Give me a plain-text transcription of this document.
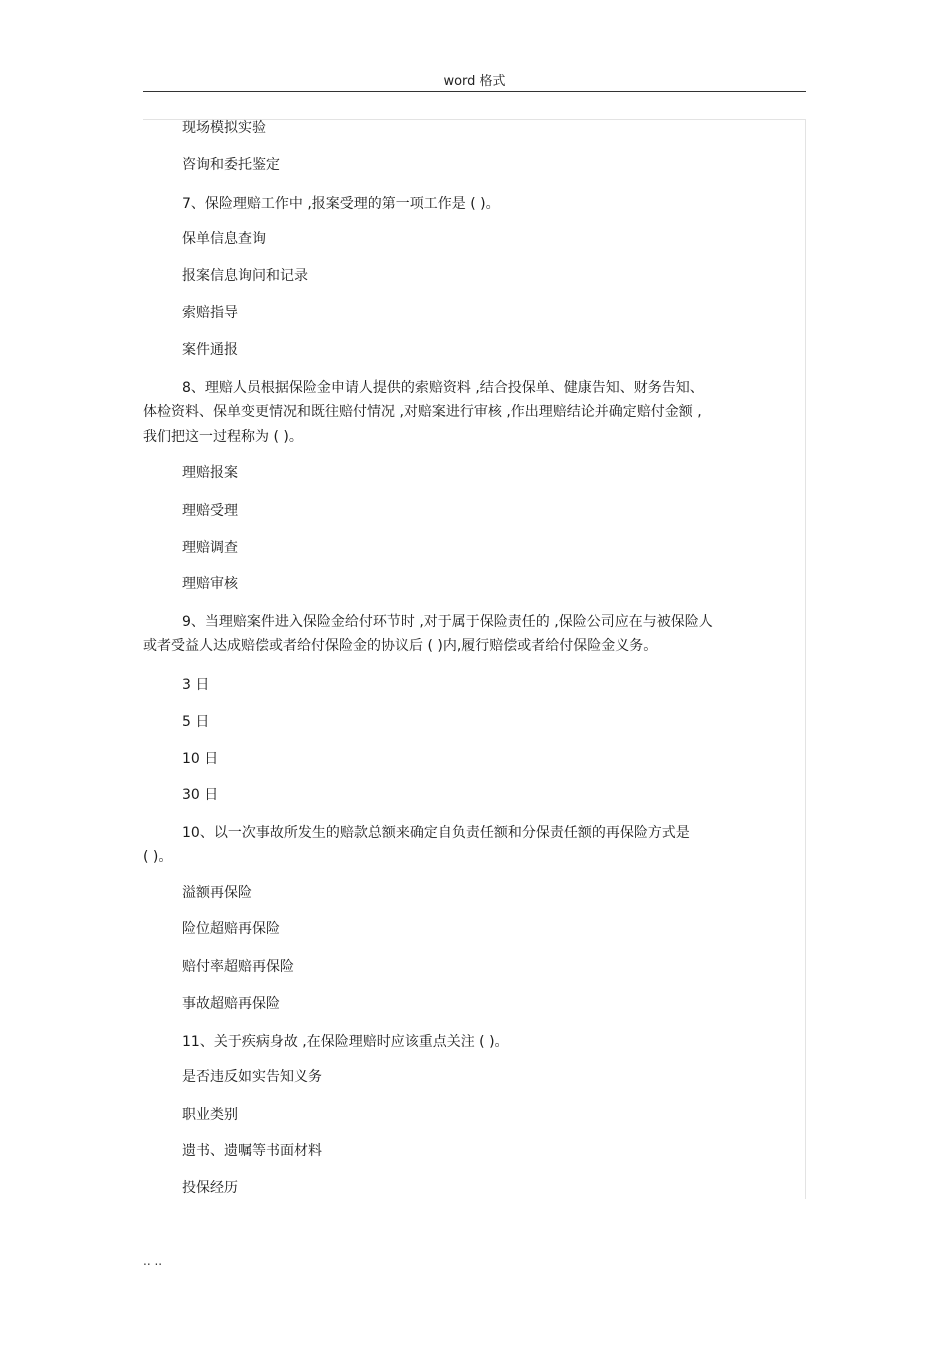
word 格式
现场模拟实验
咨询和委托鉴定
7、保险理赔工作中 ,报案受理的第一项工作是 ( )。
保单信息查询
报案信息询问和记录
索赔指导
案件通报
8、理赔人员根据保险金申请人提供的索赔资料 ,结合投保单、健康告知、财务告知、
体检资料、保单变更情况和既往赔付情况 ,对赔案进行审核 ,作出理赔结论并确定赔付金额 ,
我们把这一过程称为 ( )。
理赔报案
理赔受理
理赔调查
理赔审核
9、当理赔案件进入保险金给付环节时 ,对于属于保险责任的 ,保险公司应在与被保险人
或者受益人达成赔偿或者给付保险金的协议后 ( )内,履行赔偿或者给付保险金义务。
3 日
5 日
10 日
30 日
10、以一次事故所发生的赔款总额来确定自负责任额和分保责任额的再保险方式是
( )。
溢额再保险
险位超赔再保险
赔付率超赔再保险
事故超赔再保险
11、关于疾病身故 ,在保险理赔时应该重点关注 ( )。
是否违反如实告知义务
职业类别
遗书、遗嘱等书面材料
投保经历
.. ..
